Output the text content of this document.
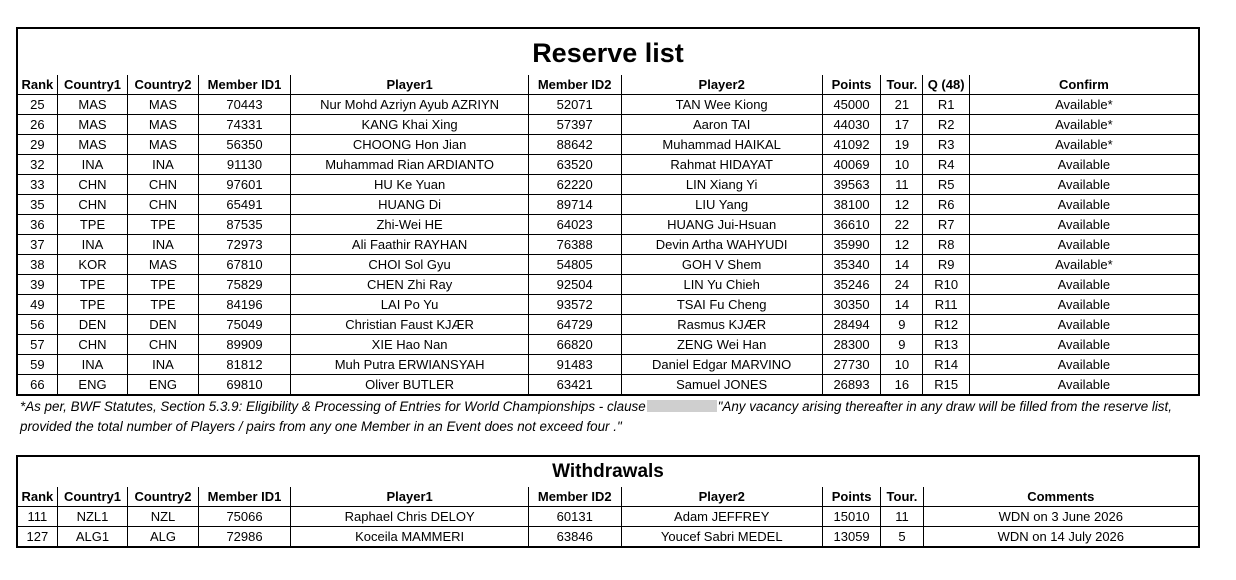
Reserve list										
Rank	Country1	Country2	Member ID1	Player1	Member ID2	Player2	Points	Tour.	Q (48)	Confirm
25	MAS	MAS	70443	Nur Mohd Azriyn Ayub AZRIYN	52071	TAN Wee Kiong	45000	21	R1	Available*
26	MAS	MAS	74331	KANG Khai Xing	57397	Aaron TAI	44030	17	R2	Available*
29	MAS	MAS	56350	CHOONG Hon Jian	88642	Muhammad HAIKAL	41092	19	R3	Available*
32	INA	INA	91130	Muhammad Rian ARDIANTO	63520	Rahmat HIDAYAT	40069	10	R4	Available
33	CHN	CHN	97601	HU Ke Yuan	62220	LIN Xiang Yi	39563	11	R5	Available
35	CHN	CHN	65491	HUANG Di	89714	LIU Yang	38100	12	R6	Available
36	TPE	TPE	87535	Zhi-Wei HE	64023	HUANG Jui-Hsuan	36610	22	R7	Available
37	INA	INA	72973	Ali Faathir RAYHAN	76388	Devin Artha WAHYUDI	35990	12	R8	Available
38	KOR	MAS	67810	CHOI Sol Gyu	54805	GOH V Shem	35340	14	R9	Available*
39	TPE	TPE	75829	CHEN Zhi Ray	92504	LIN Yu Chieh	35246	24	R10	Available
49	TPE	TPE	84196	LAI Po Yu	93572	TSAI Fu Cheng	30350	14	R11	Available
56	DEN	DEN	75049	Christian Faust KJÆR	64729	Rasmus KJÆR	28494	9	R12	Available
57	CHN	CHN	89909	XIE Hao Nan	66820	ZENG Wei Han	28300	9	R13	Available
59	INA	INA	81812	Muh Putra ERWIANSYAH	91483	Daniel Edgar MARVINO	27730	10	R14	Available
66	ENG	ENG	69810	Oliver BUTLER	63421	Samuel JONES	26893	16	R15	Available
*As per, BWF Statutes, Section 5.3.9: Eligibility & Processing of Entries for World Championships - clause	"Any vacancy arising thereafter in any draw will be filled from the reserve list,
provided the total number of Players / pairs from any one Member in an Event does not exceed four ."
Withdrawals									
Rank	Country1	Country2	Member ID1	Player1	Member ID2	Player2	Points	Tour.	Comments
111	NZL1	NZL	75066	Raphael Chris DELOY	60131	Adam JEFFREY	15010	11	WDN on 3 June 2026
127	ALG1	ALG	72986	Koceila MAMMERI	63846	Youcef Sabri MEDEL	13059	5	WDN on 14 July 2026
